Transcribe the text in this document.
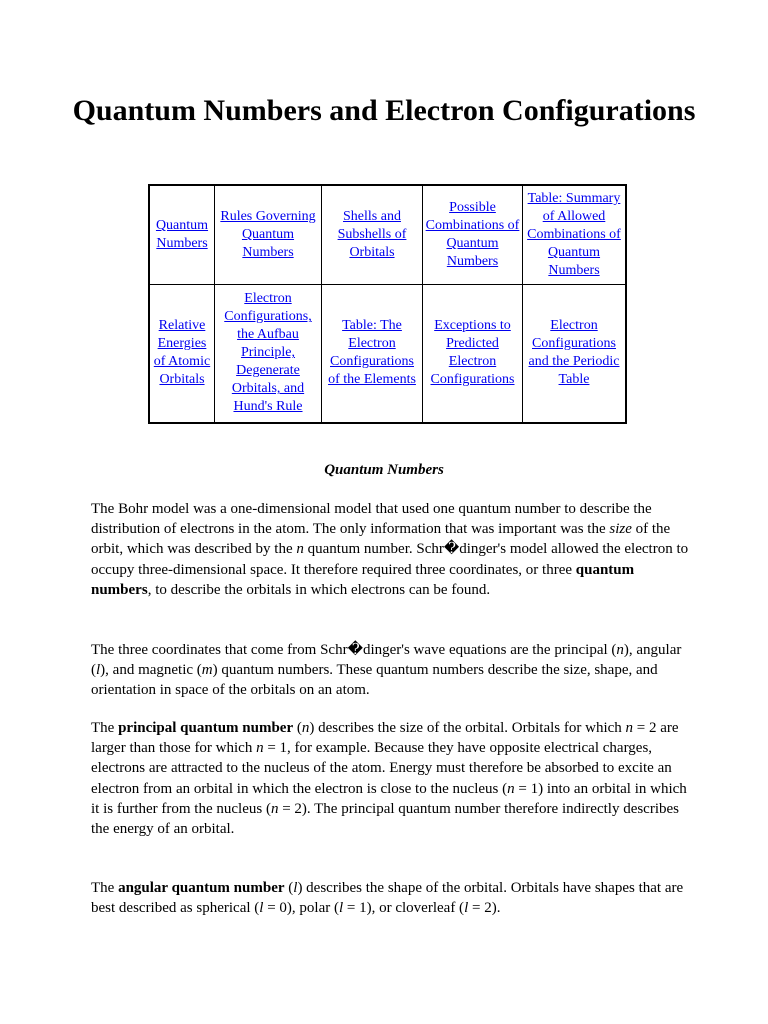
Quantum Numbers and Electron Configurations
Quantum Numbers	Rules Governing Quantum Numbers	Shells and Subshells of Orbitals	Possible Combinations of Quantum Numbers	Table: Summary of Allowed Combinations of Quantum Numbers
Relative Energies of Atomic Orbitals	Electron Configurations, the Aufbau Principle, Degenerate Orbitals, and Hund's Rule	Table: The Electron Configurations of the Elements	Exceptions to Predicted Electron Configurations	Electron Configurations and the Periodic Table
Quantum Numbers

The Bohr model was a one-dimensional model that used one quantum number to describe the distribution of electrons in the atom. The only information that was important was the size of the orbit, which was described by the n quantum number. Schr�dinger's model allowed the electron to occupy three-dimensional space. It therefore required three coordinates, or three quantum numbers, to describe the orbitals in which electrons can be found.

The three coordinates that come from Schr�dinger's wave equations are the principal (n), angular (l), and magnetic (m) quantum numbers. These quantum numbers describe the size, shape, and orientation in space of the orbitals on an atom.

The principal quantum number (n) describes the size of the orbital. Orbitals for which n = 2 are larger than those for which n = 1, for example. Because they have opposite electrical charges, electrons are attracted to the nucleus of the atom. Energy must therefore be absorbed to excite an electron from an orbital in which the electron is close to the nucleus (n = 1) into an orbital in which it is further from the nucleus (n = 2). The principal quantum number therefore indirectly describes the energy of an orbital.

The angular quantum number (l) describes the shape of the orbital. Orbitals have shapes that are best described as spherical (l = 0), polar (l = 1), or cloverleaf (l = 2).
